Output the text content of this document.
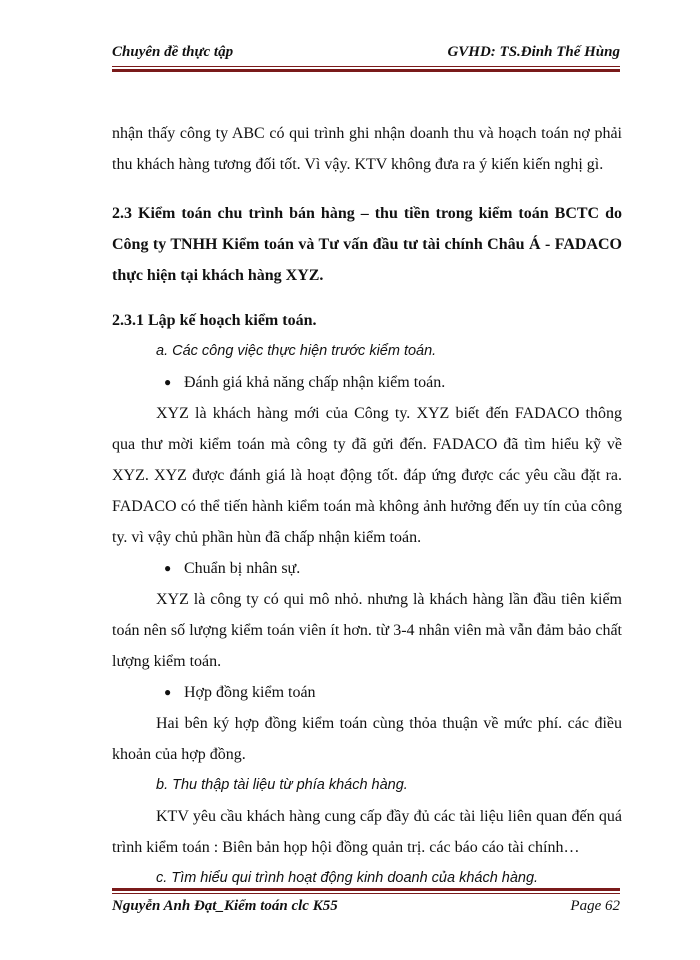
Chuyên đề thực tập	GVHD: TS.Đinh Thế Hùng

nhận thấy công ty ABC có qui trình ghi nhận doanh thu và hoạch toán nợ phải thu khách hàng tương đối tốt. Vì vậy. KTV không đưa ra ý kiến kiến nghị gì.

2.3 Kiểm toán chu trình bán hàng – thu tiền trong kiểm toán BCTC do Công ty TNHH Kiểm toán và Tư vấn đầu tư tài chính Châu Á - FADACO thực hiện tại khách hàng XYZ.

2.3.1 Lập kế hoạch kiểm toán.

a. Các công việc thực hiện trước kiểm toán.

● Đánh giá khả năng chấp nhận kiểm toán.

XYZ là khách hàng mới của Công ty. XYZ biết đến FADACO thông qua thư mời kiểm toán mà công ty đã gửi đến. FADACO đã tìm hiểu kỹ về XYZ. XYZ được đánh giá là hoạt động tốt. đáp ứng được các yêu cầu đặt ra. FADACO có thể tiến hành kiểm toán mà không ảnh hưởng đến uy tín của công ty. vì vậy chủ phần hùn đã chấp nhận kiểm toán.

● Chuẩn bị nhân sự.

XYZ là công ty có qui mô nhỏ. nhưng là khách hàng lần đầu tiên kiểm toán nên số lượng kiểm toán viên ít hơn. từ 3-4 nhân viên mà vẫn đảm bảo chất lượng kiểm toán.

● Hợp đồng kiểm toán

Hai bên ký hợp đồng kiểm toán cùng thỏa thuận về mức phí. các điều khoản của hợp đồng.

b. Thu thập tài liệu từ phía khách hàng.

KTV yêu cầu khách hàng cung cấp đầy đủ các tài liệu liên quan đến quá trình kiểm toán : Biên bản họp hội đồng quản trị. các báo cáo tài chính…

c. Tìm hiểu qui trình hoạt động kinh doanh của khách hàng.

Nguyễn Anh Đạt_Kiểm toán clc K55	Page 62
